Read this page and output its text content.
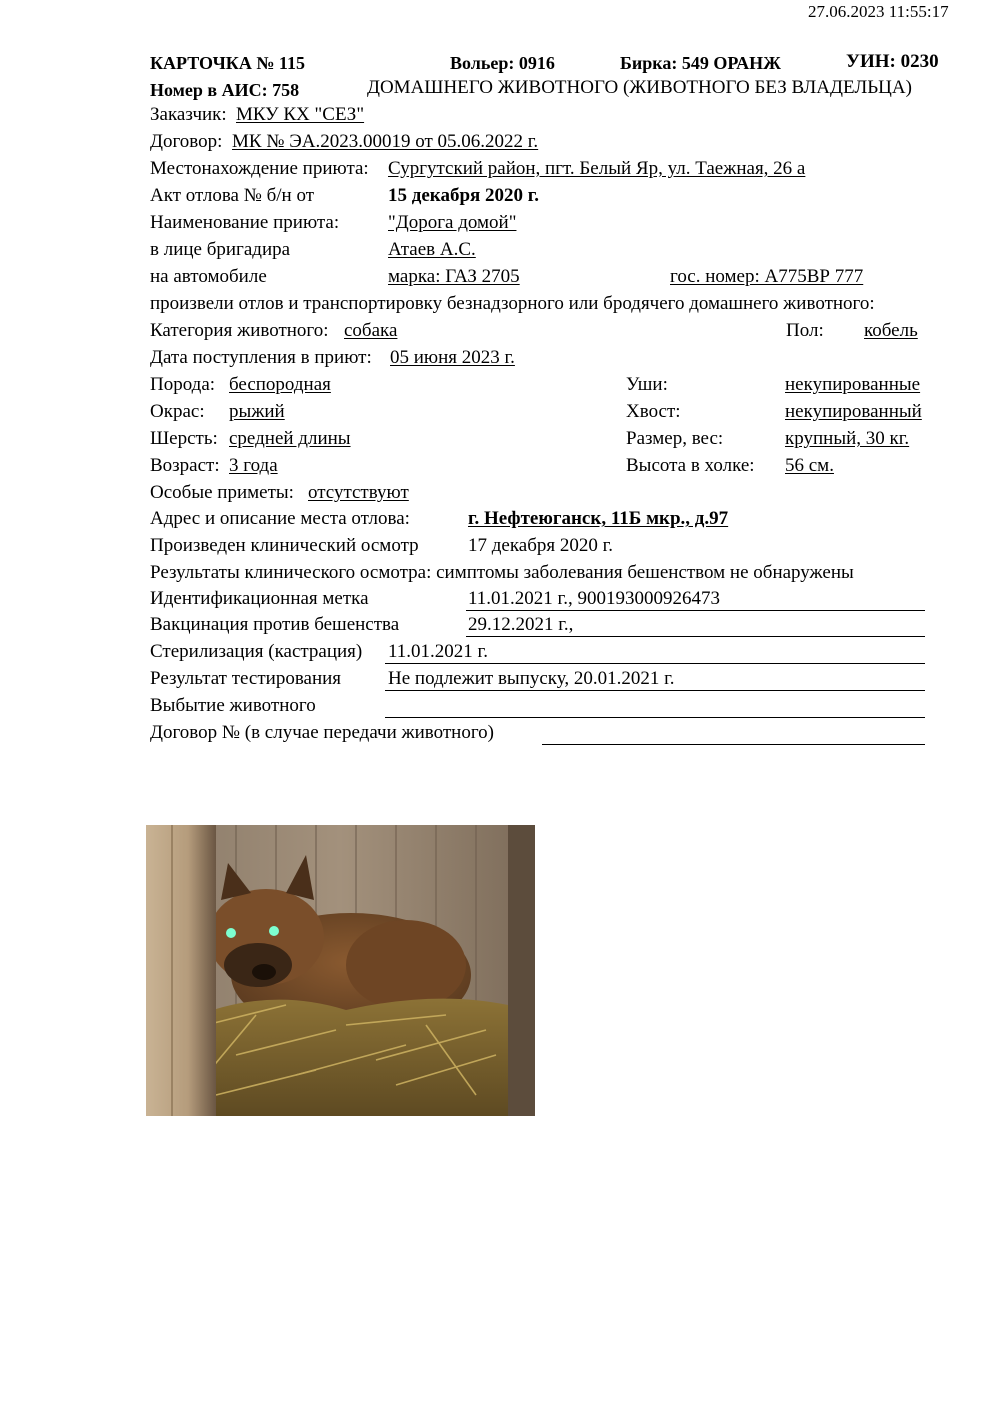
27.06.2023 11:55:17
КАРТОЧКА № 115	Вольер: 0916	Бирка: 549 ОРАНЖ	УИН: 0230
Номер в АИС: 758	ДОМАШНЕГО ЖИВОТНОГО (ЖИВОТНОГО БЕЗ ВЛАДЕЛЬЦА)
Заказчик: МКУ КХ "СЕЗ"
Договор: МК № ЭА.2023.00019 от 05.06.2022 г.
Местонахождение приюта: Сургутский район, пгт. Белый Яр, ул. Таежная, 26 а
Акт отлова № б/н от	15 декабря 2020 г.
Наименование приюта:	"Дорога домой"
в лице бригадира	Атаев А.С.
на автомобиле	марка: ГАЗ 2705	гос. номер: А775ВР 777
произвели отлов и транспортировку безнадзорного или бродячего домашнего животного:
Категория животного: собака	Пол: кобель
Дата поступления в приют: 05 июня 2023 г.
Порода: беспородная	Уши:	некупированные
Окрас: рыжий	Хвост:	некупированный
Шерсть: средней длины	Размер, вес:	крупный, 30 кг.
Возраст: 3 года	Высота в холке: 56 см.
Особые приметы: отсутствуют
Адрес и описание места отлова:	г. Нефтеюганск, 11Б мкр., д.97
Произведен клинический осмотр	17 декабря 2020 г.
Результаты клинического осмотра: симптомы заболевания бешенством не обнаружены
Идентификационная метка	11.01.2021 г., 900193000926473
Вакцинация против бешенства	29.12.2021 г.,
Стерилизация (кастрация) 11.01.2021 г.
Результат тестирования Не подлежит выпуску, 20.01.2021 г.
Выбытие животного
Договор № (в случае передачи животного)
